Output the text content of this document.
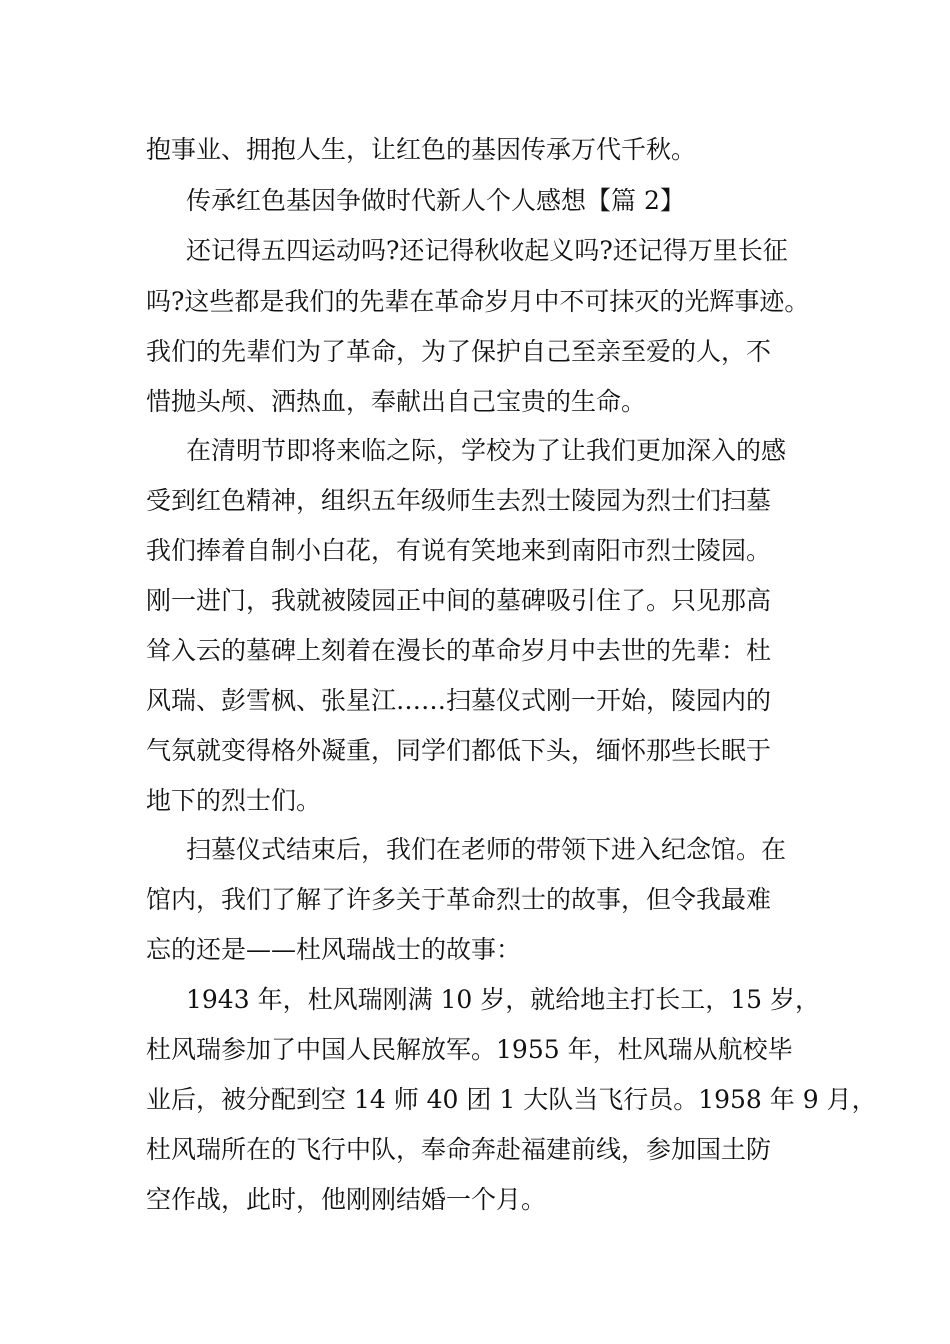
抱事业、拥抱人生，让红色的基因传承万代千秋。
传承红色基因争做时代新人个人感想【篇 2】
还记得五四运动吗?还记得秋收起义吗?还记得万里长征
吗?这些都是我们的先辈在革命岁月中不可抹灭的光辉事迹。
我们的先辈们为了革命，为了保护自己至亲至爱的人，不
惜抛头颅、洒热血，奉献出自己宝贵的生命。
在清明节即将来临之际，学校为了让我们更加深入的感
受到红色精神，组织五年级师生去烈士陵园为烈士们扫墓
我们捧着自制小白花，有说有笑地来到南阳市烈士陵园。
刚一进门，我就被陵园正中间的墓碑吸引住了。只见那高
耸入云的墓碑上刻着在漫长的革命岁月中去世的先辈：杜
风瑞、彭雪枫、张星江……扫墓仪式刚一开始，陵园内的
气氛就变得格外凝重，同学们都低下头，缅怀那些长眠于
地下的烈士们。
扫墓仪式结束后，我们在老师的带领下进入纪念馆。在
馆内，我们了解了许多关于革命烈士的故事，但令我最难
忘的还是——杜风瑞战士的故事：
1943 年，杜风瑞刚满 10 岁，就给地主打长工，15 岁，
杜风瑞参加了中国人民解放军。1955 年，杜风瑞从航校毕
业后，被分配到空 14 师 40 团 1 大队当飞行员。1958 年 9 月，
杜风瑞所在的飞行中队，奉命奔赴福建前线，参加国土防
空作战，此时，他刚刚结婚一个月。
